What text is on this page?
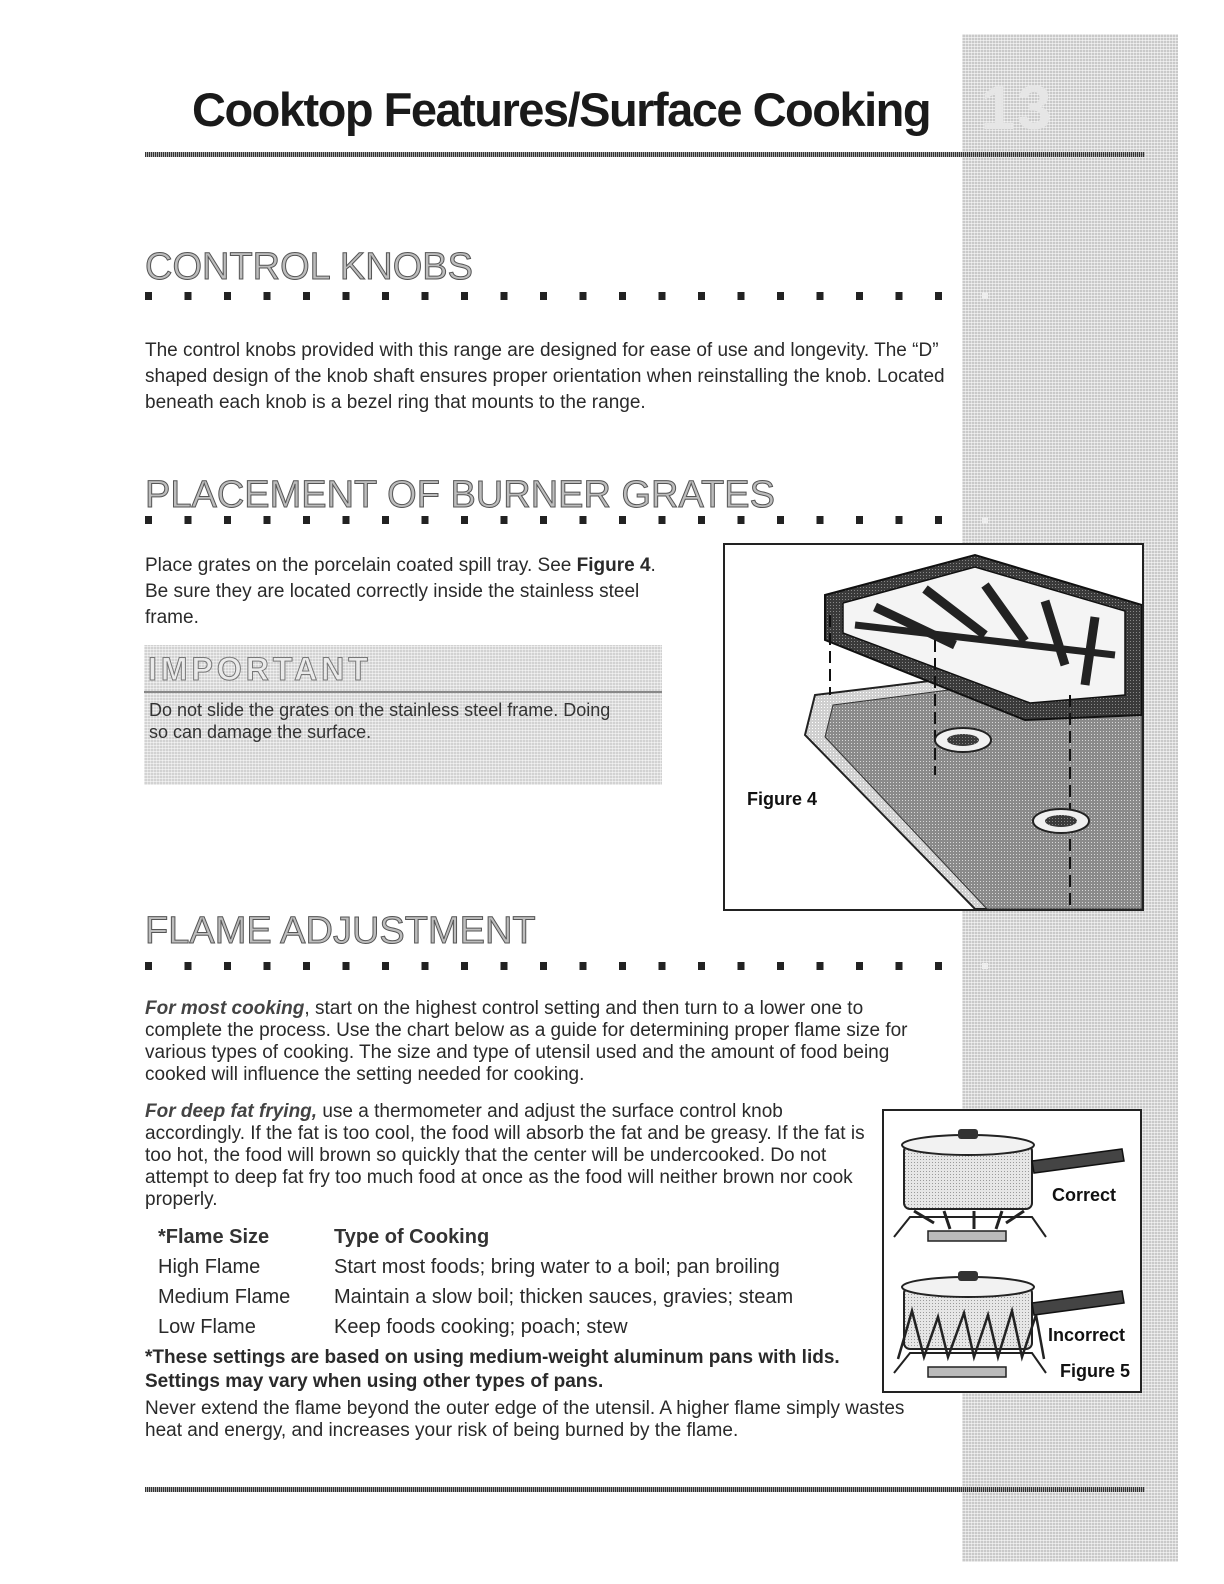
13
Cooktop Features/Surface Cooking
CONTROL KNOBS

The control knobs provided with this range are designed for ease of use and longevity. The “D” shaped design of the knob shaft ensures proper orientation when reinstalling the knob. Located beneath each knob is a bezel ring that mounts to the range.

PLACEMENT OF BURNER GRATES

Place grates on the porcelain coated spill tray. See Figure 4. Be sure they are located correctly inside the stainless steel frame.

IMPORTANT

Do not slide the grates on the stainless steel frame. Doing so can damage the surface.

Figure 4
FLAME ADJUSTMENT

For most cooking, start on the highest control setting and then turn to a lower one to complete the process. Use the chart below as a guide for determining proper flame size for various types of cooking. The size and type of utensil used and the amount of food being cooked will influence the setting needed for cooking.

For deep fat frying, use a thermometer and adjust the surface control knob accordingly. If the fat is too cool, the food will absorb the fat and be greasy. If the fat is too hot, the food will brown so quickly that the center will be undercooked. Do not attempt to deep fat fry too much food at once as the food will neither brown nor cook properly.

*Flame Size	Type of Cooking
High Flame	Start most foods; bring water to a boil; pan broiling
Medium Flame	Maintain a slow boil; thicken sauces, gravies; steam
Low Flame	Keep foods cooking; poach; stew

*These settings are based on using medium-weight aluminum pans with lids. Settings may vary when using other types of pans.

Never extend the flame beyond the outer edge of the utensil. A higher flame simply wastes heat and energy, and increases your risk of being burned by the flame.

Correct
Incorrect
Figure 5
